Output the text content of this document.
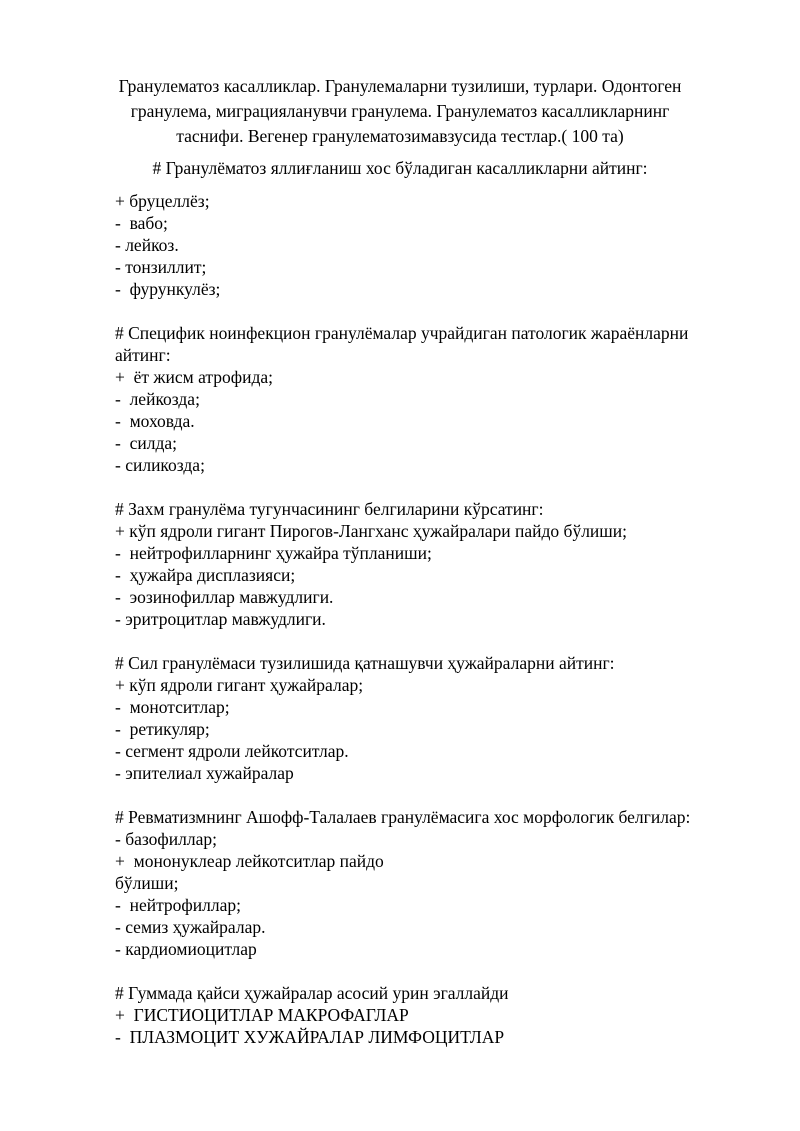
Гранулематоз касалликлар. Гранулемаларни тузилиши, турлари. Одонтоген
гранулема, миграцияланувчи гранулема. Гранулематоз касалликларнинг
таснифи. Вегенер гранулематозимавзусида тестлар.( 100 та)
# Гранулёматоз яллиғланиш хос бўладиган касалликларни айтинг:
+ бруцеллёз;
-  вабо;
- лейкоз.
- тонзиллит;
-  фурункулёз;
# Специфик ноинфекцион гранулёмалар учрайдиган патологик жараёнларни
айтинг:
+  ёт жисм атрофида;
-  лейкозда;
-  моховда.
-  силда;
- силикозда;
# Захм гранулёма тугунчасининг белгиларини кўрсатинг:
+ кўп ядроли гигант Пирогов-Лангханс ҳужайралари пайдо бўлиши;
-  нейтрофилларнинг ҳужайра тўпланиши;
-  ҳужайра дисплазияси;
-  эозинофиллар мавжудлиги.
- эритроцитлар мавжудлиги.
# Сил гранулёмаси тузилишида қатнашувчи ҳужайраларни айтинг:
+ кўп ядроли гигант ҳужайралар;
-  монотситлар;
-  ретикуляр;
- сегмент ядроли лейкотситлар.
- эпителиал хужайралар
# Ревматизмнинг Ашофф-Талалаев гранулёмасига хос морфологик белгилар:
- базофиллар;
+  мононуклеар лейкотситлар пайдо
бўлиши;
-  нейтрофиллар;
- семиз ҳужайралар.
- кардиомиоцитлар
# Гуммада қайси ҳужайралар асосий урин эгаллайди
+  ГИСТИОЦИТЛАР МАКРОФАГЛАР
-  ПЛАЗМОЦИТ ХУЖАЙРАЛАР ЛИМФОЦИТЛАР
